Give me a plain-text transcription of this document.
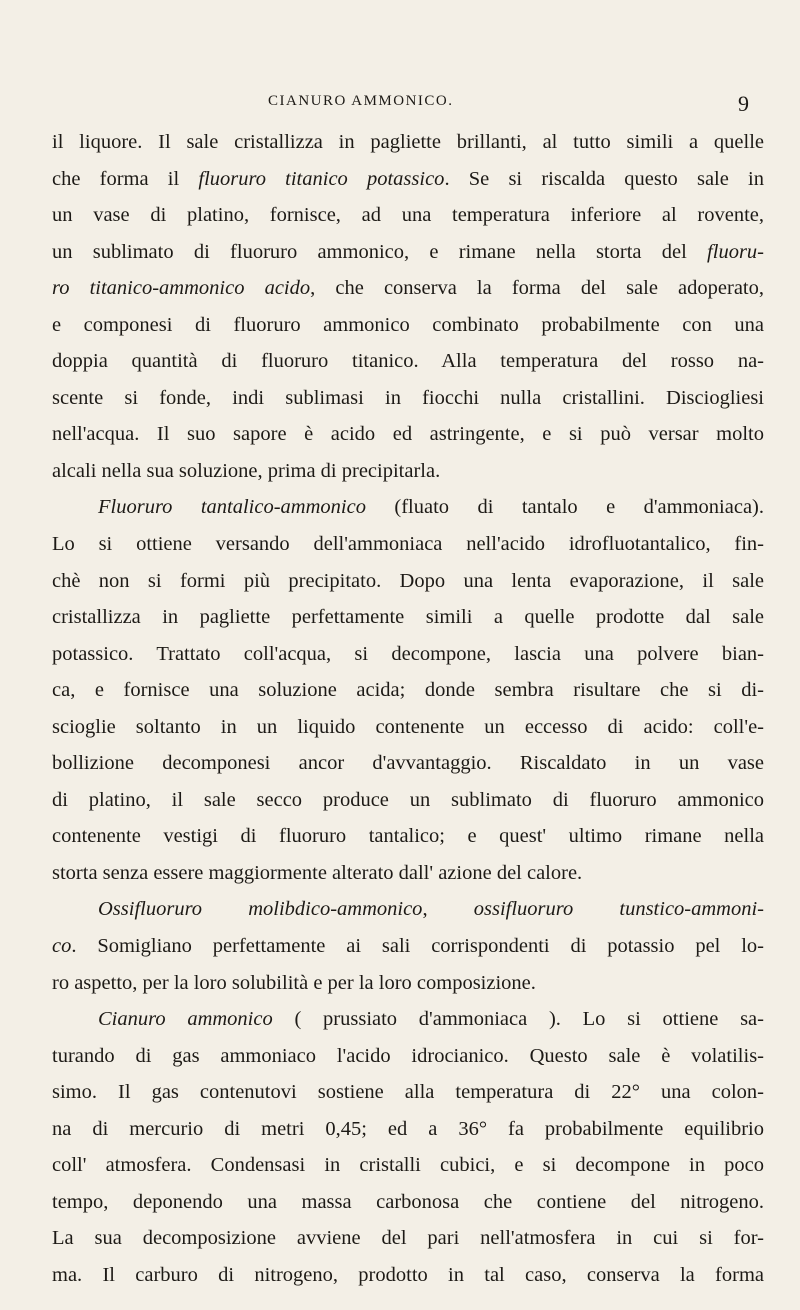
CIANURO AMMONICO.	9
il liquore. Il sale cristallizza in pagliette brillanti, al tutto simili a quelle
che forma il fluoruro titanico potassico. Se si riscalda questo sale in
un vase di platino, fornisce, ad una temperatura inferiore al rovente,
un sublimato di fluoruro ammonico, e rimane nella storta del fluoru-
ro titanico-ammonico acido, che conserva la forma del sale adoperato,
e componesi di fluoruro ammonico combinato probabilmente con una
doppia quantità di fluoruro titanico. Alla temperatura del rosso na-
scente si fonde, indi sublimasi in fiocchi nulla cristallini. Disciogliesi
nell'acqua. Il suo sapore è acido ed astringente, e si può versar molto
alcali nella sua soluzione, prima di precipitarla.
Fluoruro tantalico-ammonico (fluato di tantalo e d'ammoniaca).
Lo si ottiene versando dell'ammoniaca nell'acido idrofluotantalico, fin-
chè non si formi più precipitato. Dopo una lenta evaporazione, il sale
cristallizza in pagliette perfettamente simili a quelle prodotte dal sale
potassico. Trattato coll'acqua, si decompone, lascia una polvere bian-
ca, e fornisce una soluzione acida; donde sembra risultare che si di-
scioglie soltanto in un liquido contenente un eccesso di acido: coll'e-
bollizione decomponesi ancor d'avvantaggio. Riscaldato in un vase
di platino, il sale secco produce un sublimato di fluoruro ammonico
contenente vestigi di fluoruro tantalico; e quest' ultimo rimane nella
storta senza essere maggiormente alterato dall' azione del calore.
Ossifluoruro molibdico-ammonico, ossifluoruro tunstico-ammoni-
co. Somigliano perfettamente ai sali corrispondenti di potassio pel lo-
ro aspetto, per la loro solubilità e per la loro composizione.
Cianuro ammonico ( prussiato d'ammoniaca ). Lo si ottiene sa-
turando di gas ammoniaco l'acido idrocianico. Questo sale è volatilis-
simo. Il gas contenutovi sostiene alla temperatura di 22° una colon-
na di mercurio di metri 0,45; ed a 36° fa probabilmente equilibrio
coll' atmosfera. Condensasi in cristalli cubici, e si decompone in poco
tempo, deponendo una massa carbonosa che contiene del nitrogeno.
La sua decomposizione avviene del pari nell'atmosfera in cui si for-
ma. Il carburo di nitrogeno, prodotto in tal caso, conserva la forma
